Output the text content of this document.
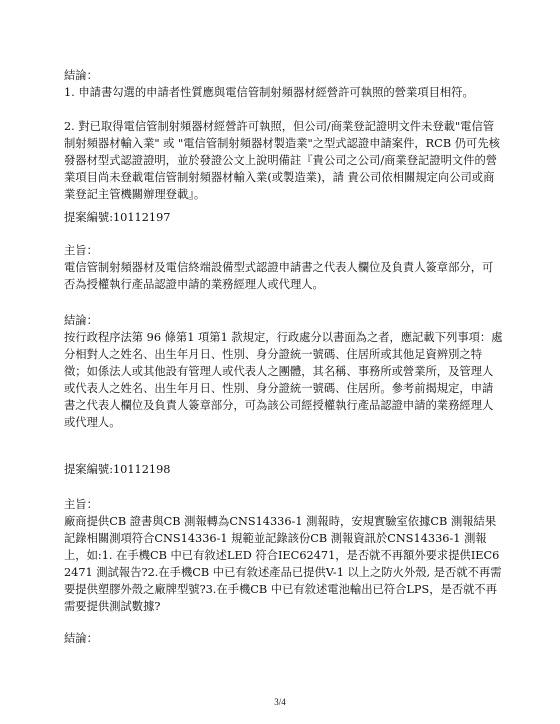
結論：

1. 申請書勾選的申請者性質應與電信管制射頻器材經營許可執照的營業項目相符。

2. 對已取得電信管制射頻器材經營許可執照，但公司/商業登記證明文件未登載"電信管制射頻器材輸入業" 或 "電信管制射頻器材製造業"之型式認證申請案件，RCB 仍可先核發器材型式認證證明，並於發證公文上說明備註『貴公司之公司/商業登記證明文件的營業項目尚未登載電信管制射頻器材輸入業(或製造業)，請 貴公司依相關規定向公司或商業登記主管機關辦理登載』。

提案編號:10112197

主旨：

電信管制射頻器材及電信終端設備型式認證申請書之代表人欄位及負責人簽章部分，可否為授權執行產品認證申請的業務經理人或代理人。

結論：

按行政程序法第 96 條第1 項第1 款規定，行政處分以書面為之者，應記載下列事項：處分相對人之姓名、出生年月日、性別、身分證統一號碼、住居所或其他足資辨別之特徵；如係法人或其他設有管理人或代表人之團體，其名稱、事務所或營業所，及管理人或代表人之姓名、出生年月日、性別、身分證統一號碼、住居所。參考前揭規定，申請書之代表人欄位及負責人簽章部分，可為該公司經授權執行產品認證申請的業務經理人或代理人。

提案編號:10112198

主旨：

廠商提供CB 證書與CB 測報轉為CNS14336-1 測報時，安規實驗室依據CB 測報結果記錄相關測項符合CNS14336-1 規範並記錄該份CB 測報資訊於CNS14336-1 測報上，如:1. 在手機CB 中已有敘述LED 符合IEC62471，是否就不再額外要求提供IEC62471 測試報告?2.在手機CB 中已有敘述產品已提供V-1 以上之防火外殼, 是否就不再需要提供塑膠外殼之廠牌型號?3.在手機CB 中已有敘述電池輸出已符合LPS，是否就不再需要提供測試數據?

結論：

3/4
